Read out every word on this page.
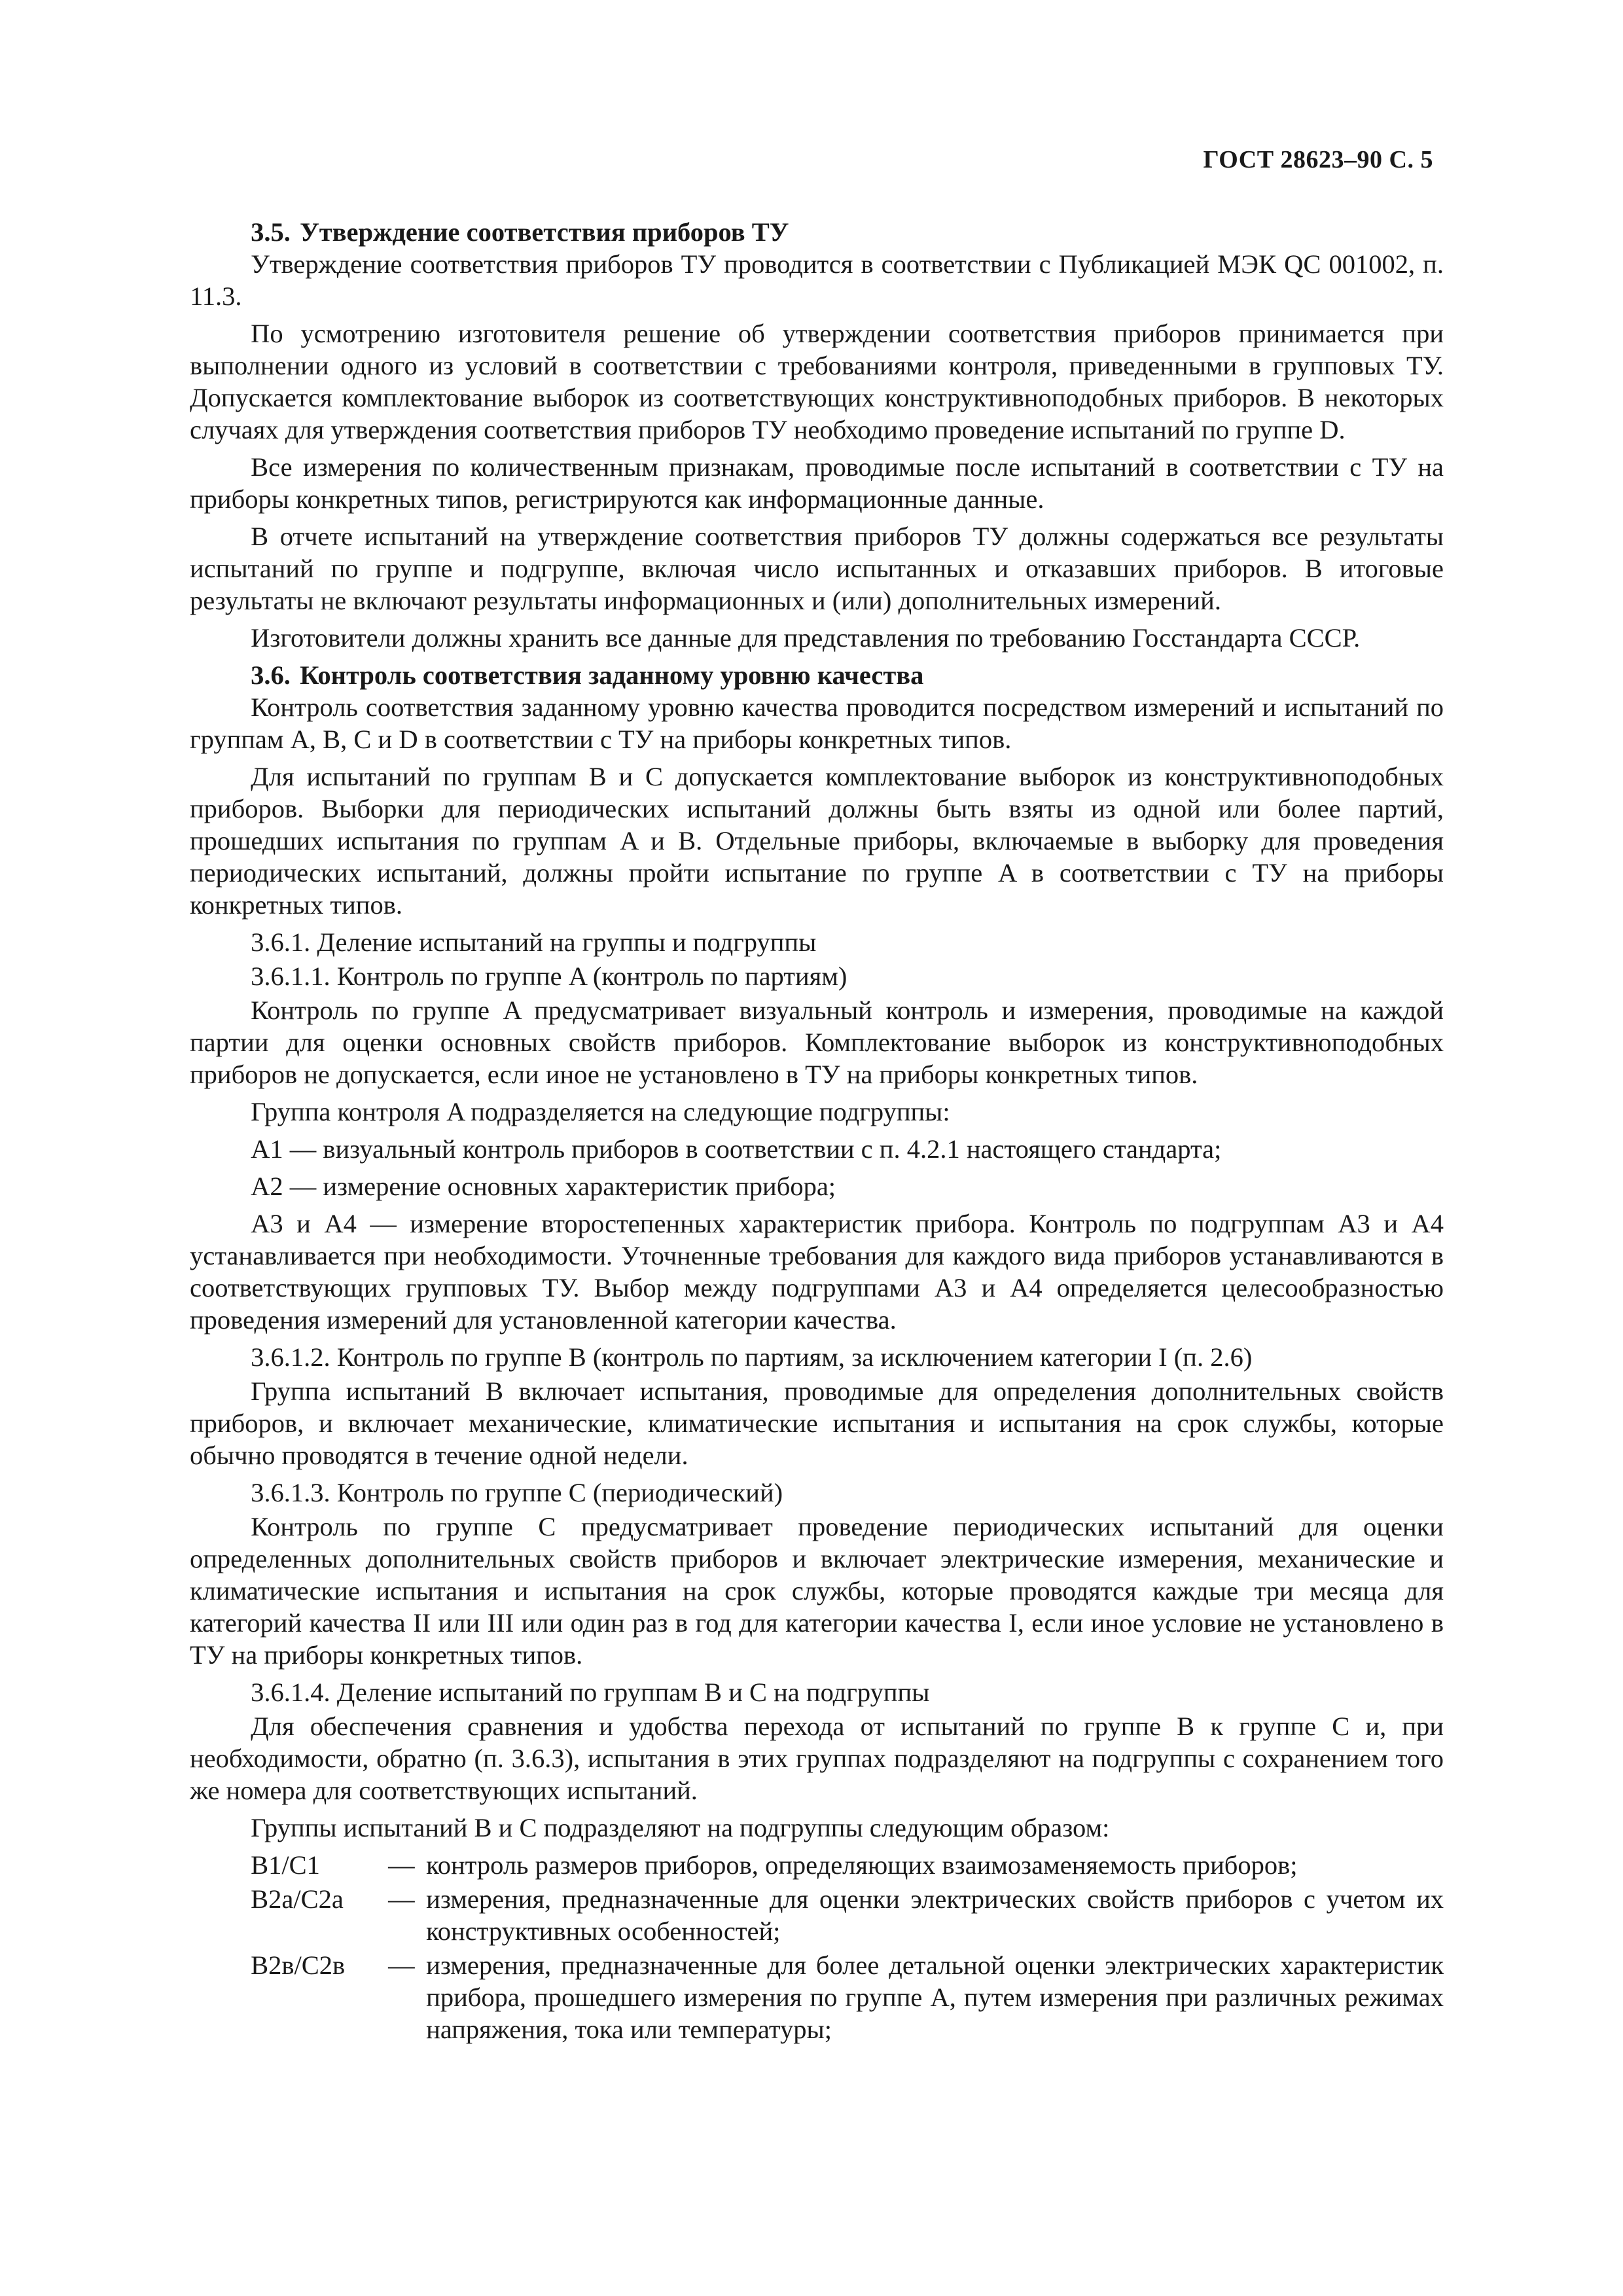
ГОСТ 28623–90 С. 5
3.5. Утверждение соответствия приборов ТУ

Утверждение соответствия приборов ТУ проводится в соответствии с Публикацией МЭК QC 001002, п. 11.3.

По усмотрению изготовителя решение об утверждении соответствия приборов принимается при выполнении одного из условий в соответствии с требованиями контроля, приведенными в групповых ТУ. Допускается комплектование выборок из соответствующих конструктивноподобных приборов. В некоторых случаях для утверждения соответствия приборов ТУ необходимо проведение испытаний по группе D.

Все измерения по количественным признакам, проводимые после испытаний в соответствии с ТУ на приборы конкретных типов, регистрируются как информационные данные.

В отчете испытаний на утверждение соответствия приборов ТУ должны содержаться все результаты испытаний по группе и подгруппе, включая число испытанных и отказавших приборов. В итоговые результаты не включают результаты информационных и (или) дополнительных измерений.

Изготовители должны хранить все данные для представления по требованию Госстандарта СССР.

3.6. Контроль соответствия заданному уровню качества

Контроль соответствия заданному уровню качества проводится посредством измерений и испытаний по группам A, B, C и D в соответствии с ТУ на приборы конкретных типов.

Для испытаний по группам B и C допускается комплектование выборок из конструктивноподобных приборов. Выборки для периодических испытаний должны быть взяты из одной или более партий, прошедших испытания по группам A и B. Отдельные приборы, включаемые в выборку для проведения периодических испытаний, должны пройти испытание по группе A в соответствии с ТУ на приборы конкретных типов.

3.6.1. Деление испытаний на группы и подгруппы

3.6.1.1. Контроль по группе A (контроль по партиям)

Контроль по группе A предусматривает визуальный контроль и измерения, проводимые на каждой партии для оценки основных свойств приборов. Комплектование выборок из конструктивноподобных приборов не допускается, если иное не установлено в ТУ на приборы конкретных типов.

Группа контроля A подразделяется на следующие подгруппы:

A1 — визуальный контроль приборов в соответствии с п. 4.2.1 настоящего стандарта;

A2 — измерение основных характеристик прибора;

A3 и A4 — измерение второстепенных характеристик прибора. Контроль по подгруппам A3 и A4 устанавливается при необходимости. Уточненные требования для каждого вида приборов устанавливаются в соответствующих групповых ТУ. Выбор между подгруппами A3 и A4 определяется целесообразностью проведения измерений для установленной категории качества.

3.6.1.2. Контроль по группе B (контроль по партиям, за исключением категории I (п. 2.6)

Группа испытаний B включает испытания, проводимые для определения дополнительных свойств приборов, и включает механические, климатические испытания и испытания на срок службы, которые обычно проводятся в течение одной недели.

3.6.1.3. Контроль по группе C (периодический)

Контроль по группе C предусматривает проведение периодических испытаний для оценки определенных дополнительных свойств приборов и включает электрические измерения, механические и климатические испытания и испытания на срок службы, которые проводятся каждые три месяца для категорий качества II или III или один раз в год для категории качества I, если иное условие не установлено в ТУ на приборы конкретных типов.

3.6.1.4. Деление испытаний по группам B и C на подгруппы

Для обеспечения сравнения и удобства перехода от испытаний по группе B к группе C и, при необходимости, обратно (п. 3.6.3), испытания в этих группах подразделяют на подгруппы с сохранением того же номера для соответствующих испытаний.

Группы испытаний B и C подразделяют на подгруппы следующим образом:

B1/C1	— контроль размеров приборов, определяющих взаимозаменяемость приборов;
B2a/C2a	— измерения, предназначенные для оценки электрических свойств приборов с учетом их конструктивных особенностей;
B2в/C2в	— измерения, предназначенные для более детальной оценки электрических характеристик прибора, прошедшего измерения по группе A, путем измерения при различных режимах напряжения, тока или температуры;
